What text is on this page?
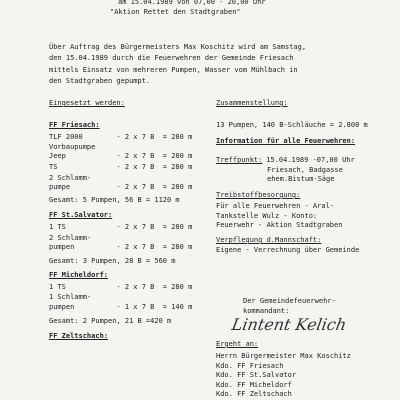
am 15.04.1989 von 07,00 - 20,00 Uhr
"Aktion Rettet den Stadtgraben"
Über Auftrag des Bürgermeisters Max Koschitz wird am Samstag,
den 15.04.1989 durch die Feuerwehren der Gemeinde Friesach
mittels Einsatz von mehreren Pumpen, Wasser vom Mühlbach in
den Stadtgraben gepumpt.
Eingesetzt werden:
FF Friesach:
TLF 2000        - 2 x 7 B  = 280 m
Vorbaupumpe
Jeep            - 2 x 7 B  = 280 m
TS              - 2 x 7 B  = 280 m
2 Schlamm-
pumpe           - 2 x 7 B  = 280 m
Gesamt: 5 Pumpen, 56 B = 1120 m
FF St.Salvator:
1 TS            - 2 x 7 B  = 280 m
2 Schlamm-
pumpen          - 2 x 7 B  = 280 m
Gesamt: 3 Pumpen, 28 B = 560 m
FF Micheldorf:
1 TS            - 2 x 7 B  = 280 m
1 Schlamm-
pumpen          - 1 x 7 B  = 140 m
Gesamt: 2 Pumpen, 21 B =420 m
FF Zeltschach:
Zusammenstellung:
13 Pumpen, 140 B-Schläuche = 2.800 m
Information für alle Feuerwehren:
Treffpunkt: 15.04.1989 -07,00 Uhr
Friesach, Badgasse
ehem.Bistum-Säge
Treibstoffbesorgung:
Für alle Feuerwehren - Aral-
Tankstelle Wulz - Konto:
Feuerwehr - Aktion Stadtgraben
Verpflegung d.Mannschaft:
Eigene - Verrechnung über Gemeinde
Der Gemeindefeuerwehr-
kommandant:
Lintent Kelich
Ergeht an:
Herrn Bürgermeister Max Koschitz
Kdo. FF Friesach
Kdo. FF St.Salvator
Kdo. FF Micheldorf
Kdo. FF Zeltschach
